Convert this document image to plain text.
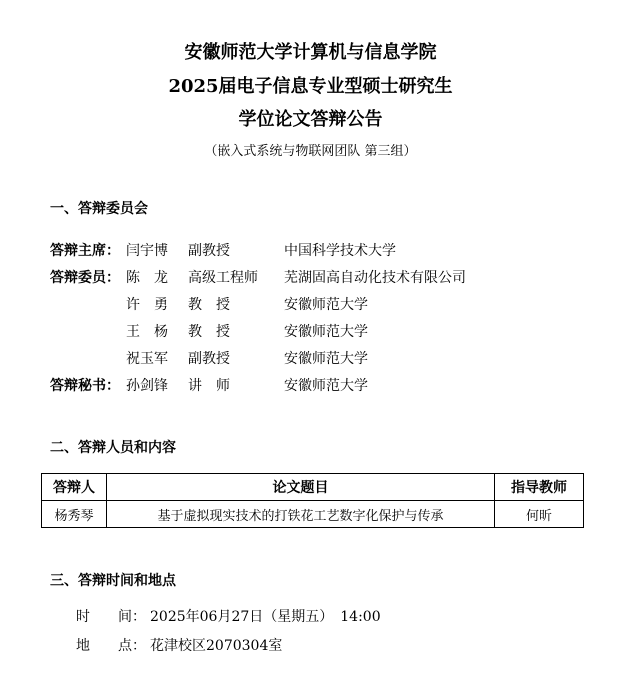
安徽师范大学计算机与信息学院
2025届电子信息专业型硕士研究生
学位论文答辩公告
（嵌入式系统与物联网团队 第三组）
一、答辩委员会
答辩主席： 闫宇博 副教授	中国科学技术大学
答辩委员： 陈　龙 高级工程师 芜湖固高自动化技术有限公司
许　勇 教　授	安徽师范大学
王　杨 教　授	安徽师范大学
祝玉军 副教授	安徽师范大学
答辩秘书： 孙剑锋 讲　师	安徽师范大学
二、答辩人员和内容
答辩人	论文题目	指导教师
杨秀琴	基于虚拟现实技术的打铁花工艺数字化保护与传承	何昕
三、答辩时间和地点
时　　间： 2025年06月27日（星期五）　14:00
地　　点： 花津校区2070304室
